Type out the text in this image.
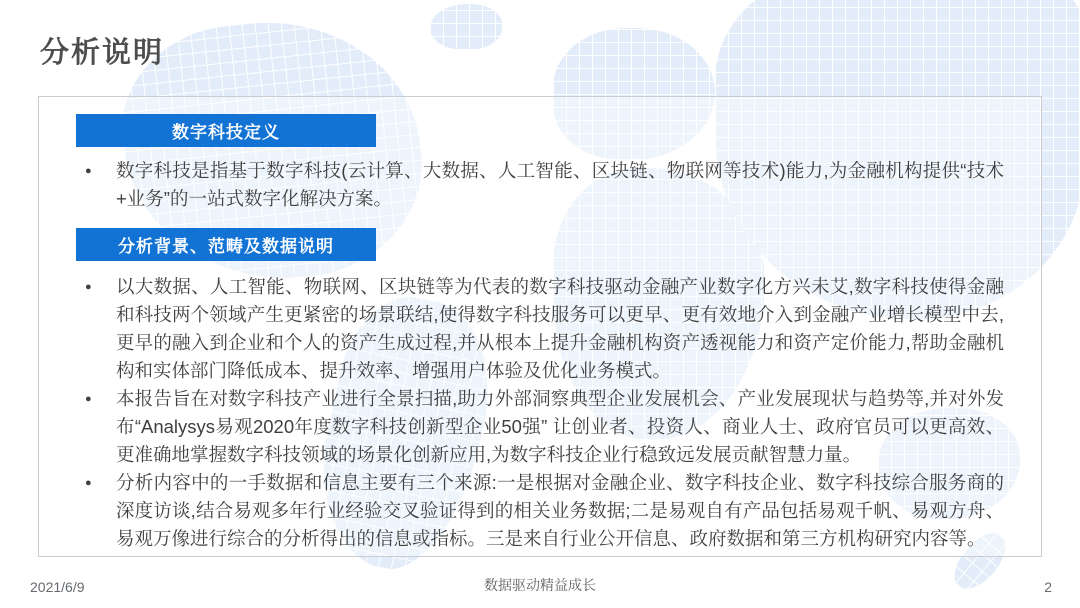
分析说明
数字科技定义
● 数字科技是指基于数字科技(云计算、大数据、人工智能、区块链、物联网等技术)能力,为金融机构提供“技术+业务”的一站式数字化解决方案。
分析背景、范畴及数据说明
● 以大数据、人工智能、物联网、区块链等为代表的数字科技驱动金融产业数字化方兴未艾,数字科技使得金融和科技两个领域产生更紧密的场景联结,使得数字科技服务可以更早、更有效地介入到金融产业增长模型中去,更早的融入到企业和个人的资产生成过程,并从根本上提升金融机构资产透视能力和资产定价能力,帮助金融机构和实体部门降低成本、提升效率、增强用户体验及优化业务模式。
● 本报告旨在对数字科技产业进行全景扫描,助力外部洞察典型企业发展机会、产业发展现状与趋势等,并对外发布“Analysys易观2020年度数字科技创新型企业50强” 让创业者、投资人、商业人士、政府官员可以更高效、更准确地掌握数字科技领域的场景化创新应用,为数字科技企业行稳致远发展贡献智慧力量。
● 分析内容中的一手数据和信息主要有三个来源:一是根据对金融企业、数字科技企业、数字科技综合服务商的深度访谈,结合易观多年行业经验交叉验证得到的相关业务数据;二是易观自有产品包括易观千帆、易观方舟、易观万像进行综合的分析得出的信息或指标。三是来自行业公开信息、政府数据和第三方机构研究内容等。
2021/6/9	数据驱动精益成长	2
